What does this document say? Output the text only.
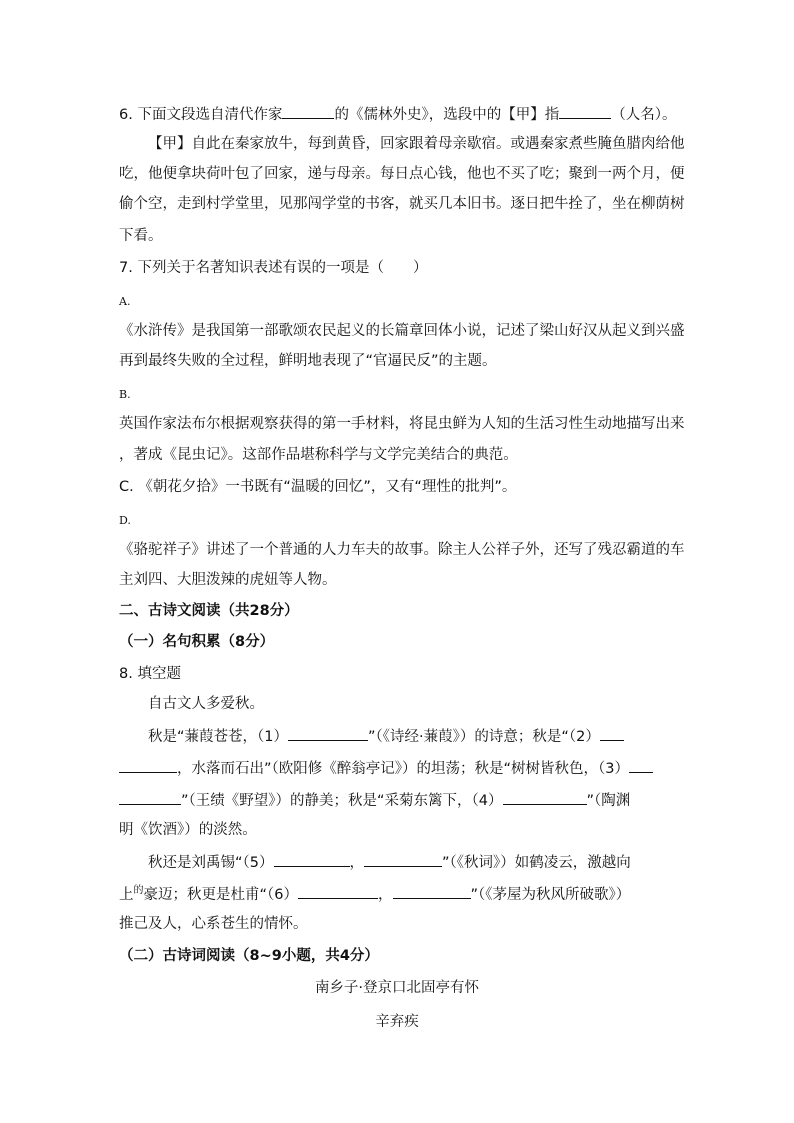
6. 下面文段选自清代作家	的《儒林外史》，选段中的【甲】指	（人名）。
【甲】自此在秦家放牛，每到黄昏，回家跟着母亲歇宿。或遇秦家煮些腌鱼腊肉给他
吃，他便拿块荷叶包了回家，递与母亲。每日点心钱，他也不买了吃；聚到一两个月，便
偷个空，走到村学堂里，见那闯学堂的书客，就买几本旧书。逐日把牛拴了，坐在柳荫树
下看。
7. 下列关于名著知识表述有误的一项是（　　）
A.
《水浒传》是我国第一部歌颂农民起义的长篇章回体小说，记述了梁山好汉从起义到兴盛
再到最终失败的全过程，鲜明地表现了“官逼民反”的主题。
B.
英国作家法布尔根据观察获得的第一手材料，将昆虫鲜为人知的生活习性生动地描写出来
，著成《昆虫记》。这部作品堪称科学与文学完美结合的典范。
C. 《朝花夕拾》一书既有“温暖的回忆”，又有“理性的批判”。
D.
《骆驼祥子》讲述了一个普通的人力车夫的故事。除主人公祥子外，还写了残忍霸道的车
主刘四、大胆泼辣的虎妞等人物。
二、古诗文阅读（共28分）
（一）名句积累（8分）
8. 填空题
自古文人多爱秋。
秋是“蒹葭苍苍，（1）	”（《诗经·蒹葭》）的诗意；秋是“（2）
，水落而石出”（欧阳修《醉翁亭记》）的坦荡；秋是“树树皆秋色，（3）
”（王绩《野望》）的静美；秋是“采菊东篱下，（4）	”（陶渊
明《饮酒》）的淡然。
秋还是刘禹锡“（5）	，	”（《秋词》）如鹤凌云，激越向
上$^的$豪迈；秋更是杜甫“（6）	，	”（《茅屋为秋风所破歌》）
推己及人，心系苍生的情怀。
（二）古诗词阅读（8~9小题，共4分）
南乡子·登京口北固亭有怀
辛弃疾
